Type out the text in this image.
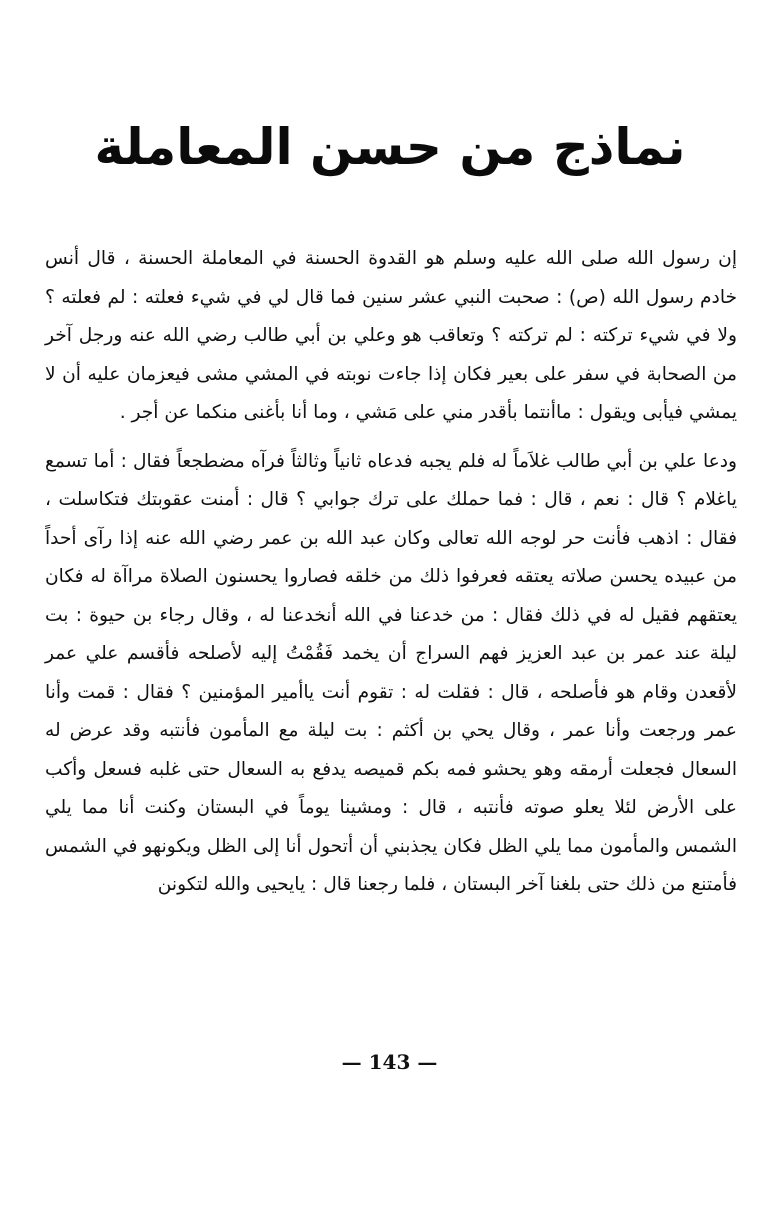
نماذج من حسن المعاملة

إن رسول الله صلى الله عليه وسلم هو القدوة الحسنة في المعاملة الحسنة ، قال أنس خادم رسول الله (ص) : صحبت النبي عشر سنين فما قال لي في شيء فعلته : لم فعلته ؟ ولا في شيء تركته : لم تركته ؟ وتعاقب هو وعلي بن أبي طالب رضي الله عنه ورجل آخر من الصحابة في سفر على بعير فكان إذا جاءت نوبته في المشي مشى فيعزمان عليه أن لا يمشي فيأبى ويقول : ماأنتما بأقدر مني على مَشي ، وما أنا بأغنى منكما عن أجر .

ودعا علي بن أبي طالب غلاَماً له فلم يجبه فدعاه ثانياً وثالثاً فرآه مضطجعاً فقال : أما تسمع ياغلام ؟ قال : نعم ، قال : فما حملك على ترك جوابي ؟ قال : أمنت عقوبتك فتكاسلت ، فقال : اذهب فأنت حر لوجه الله تعالى وكان عبد الله بن عمر رضي الله عنه إذا رآى أحداً من عبيده يحسن صلاته يعتقه فعرفوا ذلك من خلقه فصاروا يحسنون الصلاة مراآة له فكان يعتقهم فقيل له في ذلك فقال : من خدعنا في الله أنخدعنا له ، وقال رجاء بن حيوة : بت ليلة عند عمر بن عبد العزيز فهم السراج أن يخمد فَقُمْتُ إليه لأصلحه فأقسم علي عمر لأقعدن وقام هو فأصلحه ، قال : فقلت له : تقوم أنت ياأمير المؤمنين ؟ فقال : قمت وأنا عمر ورجعت وأنا عمر ، وقال يحي بن أكثم : بت ليلة مع المأمون فأنتبه وقد عرض له السعال فجعلت أرمقه وهو يحشو فمه بكم قميصه يدفع به السعال حتى غلبه فسعل وأكب على الأرض لئلا يعلو صوته فأنتبه ، قال : ومشينا يوماً في البستان وكنت أنا مما يلي الشمس والمأمون مما يلي الظل فكان يجذبني أن أتحول أنا إلى الظل ويكونهو في الشمس فأمتنع من ذلك حتى بلغنا آخر البستان ، فلما رجعنا قال : يايحيى والله لتكونن

— 143 —
